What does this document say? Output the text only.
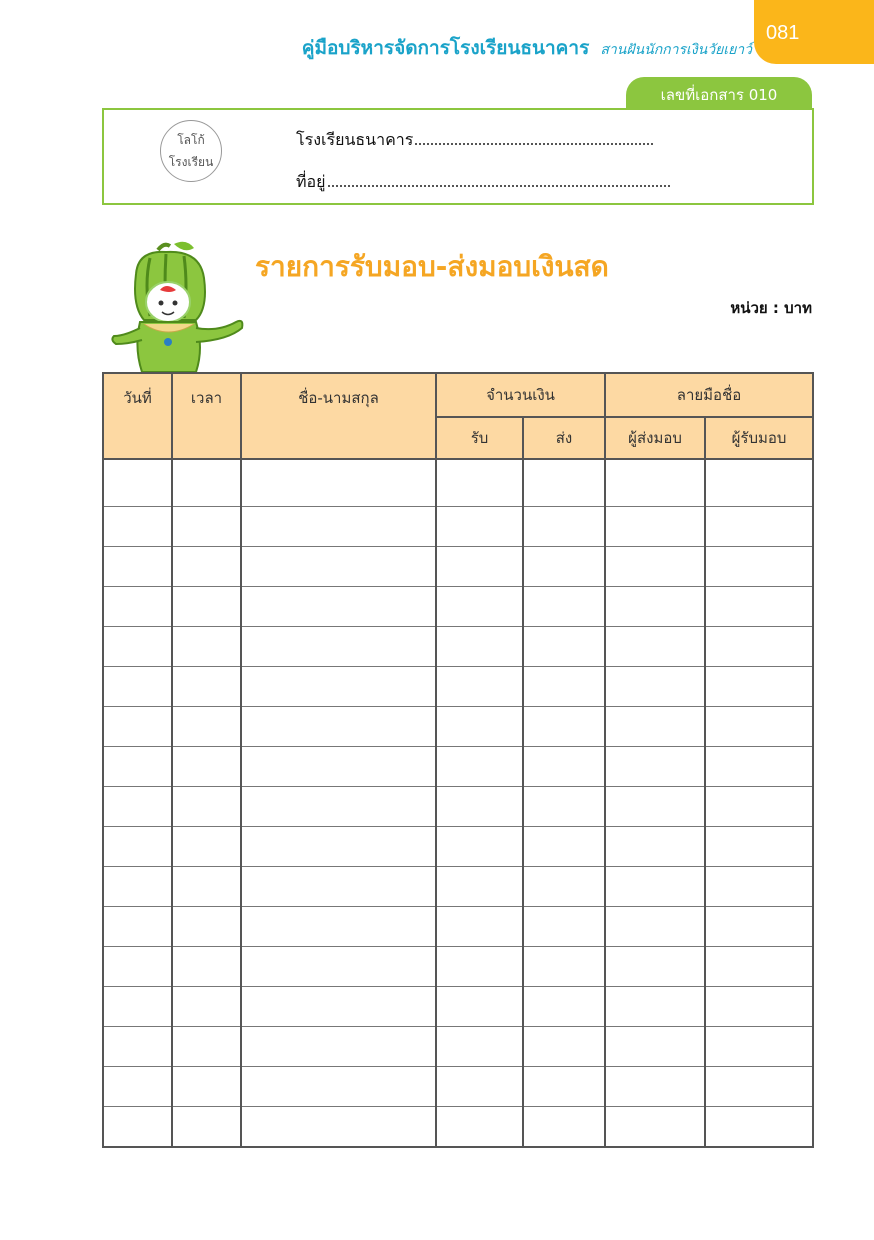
คู่มือบริหารจัดการโรงเรียนธนาคาร สานฝันนักการเงินวัยเยาว์
081
เลขที่เอกสาร 010
โลโก้
โรงเรียน
โรงเรียนธนาคาร
ที่อยู่
รายการรับมอบ-ส่งมอบเงินสด
หน่วย : บาท
วันที่	เวลา	ชื่อ-นามสกุล	จำนวนเงิน		ลายมือชื่อ	
			รับ	ส่ง	ผู้ส่งมอบ	ผู้รับมอบ
